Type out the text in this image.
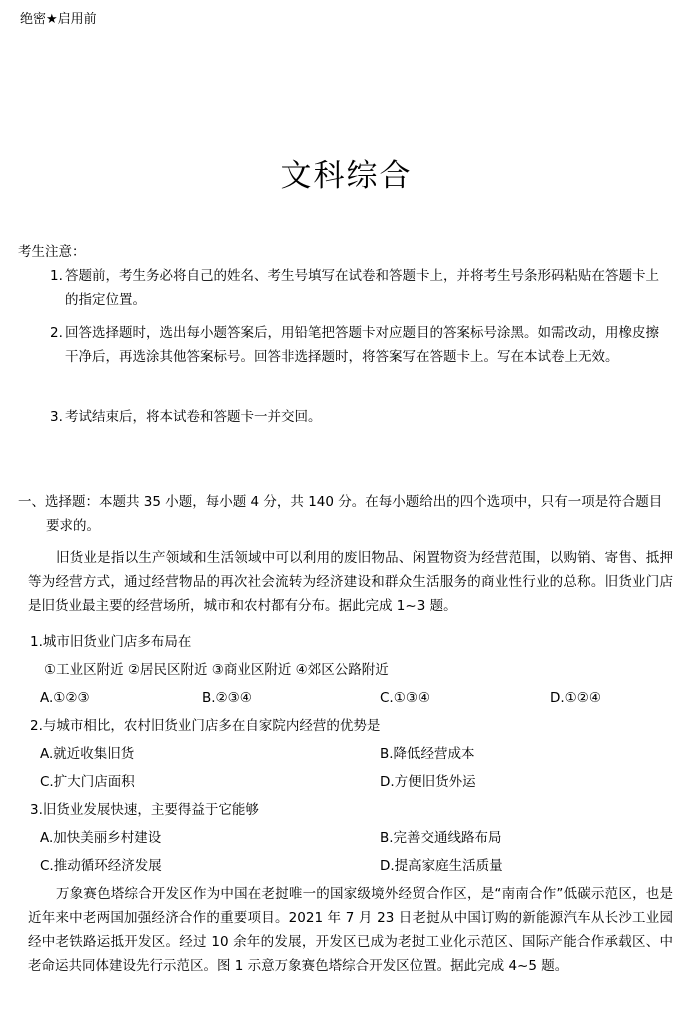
绝密★启用前
文科综合
考生注意：
1. 答题前，考生务必将自己的姓名、考生号填写在试卷和答题卡上，并将考生号条形码粘贴在答题卡上的指定位置。
2. 回答选择题时，选出每小题答案后，用铅笔把答题卡对应题目的答案标号涂黑。如需改动，用橡皮擦干净后，再选涂其他答案标号。回答非选择题时，将答案写在答题卡上。写在本试卷上无效。
3. 考试结束后，将本试卷和答题卡一并交回。
一、选择题：本题共 35 小题，每小题 4 分，共 140 分。在每小题给出的四个选项中，只有一项是符合题目要求的。
旧货业是指以生产领域和生活领域中可以利用的废旧物品、闲置物资为经营范围，以购销、寄售、抵押等为经营方式，通过经营物品的再次社会流转为经济建设和群众生活服务的商业性行业的总称。旧货业门店是旧货业最主要的经营场所，城市和农村都有分布。据此完成 1~3 题。
1.城市旧货业门店多布局在
①工业区附近 ②居民区附近 ③商业区附近 ④郊区公路附近
A.①②③	B.②③④	C.①③④	D.①②④
2.与城市相比，农村旧货业门店多在自家院内经营的优势是
A.就近收集旧货	B.降低经营成本
C.扩大门店面积	D.方便旧货外运
3.旧货业发展快速，主要得益于它能够
A.加快美丽乡村建设	B.完善交通线路布局
C.推动循环经济发展	D.提高家庭生活质量
万象赛色塔综合开发区作为中国在老挝唯一的国家级境外经贸合作区，是“南南合作”低碳示范区，也是近年来中老两国加强经济合作的重要项目。2021 年 7 月 23 日老挝从中国订购的新能源汽车从长沙工业园经中老铁路运抵开发区。经过 10 余年的发展，开发区已成为老挝工业化示范区、国际产能合作承载区、中老命运共同体建设先行示范区。图 1 示意万象赛色塔综合开发区位置。据此完成 4~5 题。
